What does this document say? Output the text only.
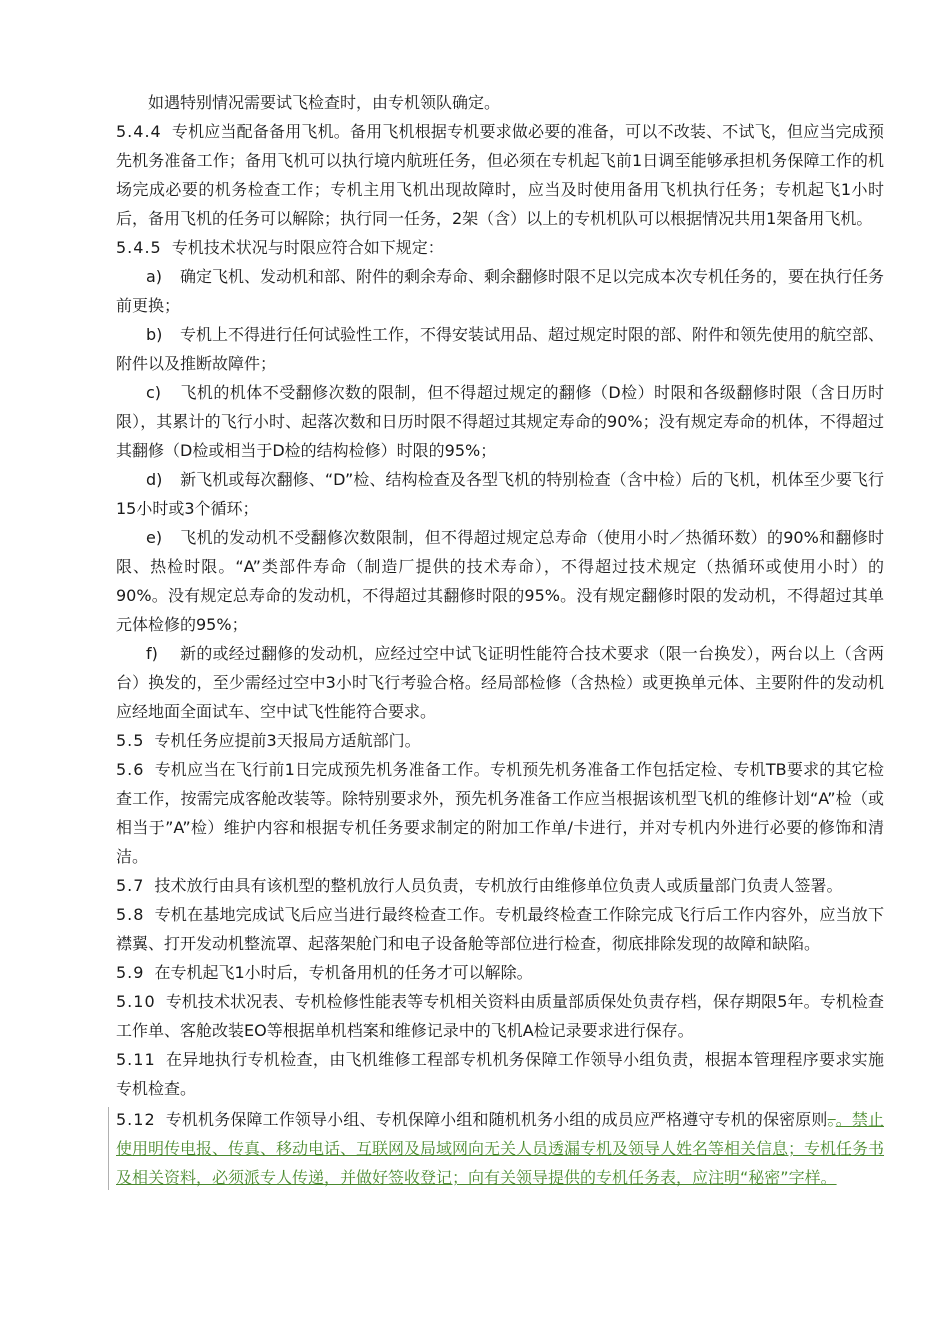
如遇特别情况需要试飞检查时，由专机领队确定。

5.4.4 专机应当配备备用飞机。备用飞机根据专机要求做必要的准备，可以不改装、不试飞，但应当完成预先机务准备工作；备用飞机可以执行境内航班任务，但必须在专机起飞前1日调至能够承担机务保障工作的机场完成必要的机务检查工作；专机主用飞机出现故障时，应当及时使用备用飞机执行任务；专机起飞1小时后，备用飞机的任务可以解除；执行同一任务，2架（含）以上的专机机队可以根据情况共用1架备用飞机。

5.4.5 专机技术状况与时限应符合如下规定：

a) 确定飞机、发动机和部、附件的剩余寿命、剩余翻修时限不足以完成本次专机任务的，要在执行任务前更换；

b) 专机上不得进行任何试验性工作，不得安装试用品、超过规定时限的部、附件和领先使用的航空部、附件以及推断故障件；

c) 飞机的机体不受翻修次数的限制，但不得超过规定的翻修（D检）时限和各级翻修时限（含日历时限），其累计的飞行小时、起落次数和日历时限不得超过其规定寿命的90%；没有规定寿命的机体，不得超过其翻修（D检或相当于D检的结构检修）时限的95%；

d) 新飞机或每次翻修、“D”检、结构检查及各型飞机的特别检查（含中检）后的飞机，机体至少要飞行15小时或3个循环；

e) 飞机的发动机不受翻修次数限制，但不得超过规定总寿命（使用小时／热循环数）的90%和翻修时限、热检时限。“A”类部件寿命（制造厂提供的技术寿命），不得超过技术规定（热循环或使用小时）的90%。没有规定总寿命的发动机，不得超过其翻修时限的95%。没有规定翻修时限的发动机，不得超过其单元体检修的95%；

f) 新的或经过翻修的发动机，应经过空中试飞证明性能符合技术要求（限一台换发），两台以上（含两台）换发的，至少需经过空中3小时飞行考验合格。经局部检修（含热检）或更换单元体、主要附件的发动机应经地面全面试车、空中试飞性能符合要求。

5.5 专机任务应提前3天报局方适航部门。

5.6 专机应当在飞行前1日完成预先机务准备工作。专机预先机务准备工作包括定检、专机TB要求的其它检查工作，按需完成客舱改装等。除特别要求外，预先机务准备工作应当根据该机型飞机的维修计划“A”检（或相当于”A”检）维护内容和根据专机任务要求制定的附加工作单/卡进行，并对专机内外进行必要的修饰和清洁。

5.7 技术放行由具有该机型的整机放行人员负责，专机放行由维修单位负责人或质量部门负责人签署。

5.8 专机在基地完成试飞后应当进行最终检查工作。专机最终检查工作除完成飞行后工作内容外，应当放下襟翼、打开发动机整流罩、起落架舱门和电子设备舱等部位进行检查，彻底排除发现的故障和缺陷。

5.9 在专机起飞1小时后，专机备用机的任务才可以解除。

5.10 专机技术状况表、专机检修性能表等专机相关资料由质量部质保处负责存档，保存期限5年。专机检查工作单、客舱改装EO等根据单机档案和维修记录中的飞机A检记录要求进行保存。

5.11 在异地执行专机检查，由飞机维修工程部专机机务保障工作领导小组负责，根据本管理程序要求实施专机检查。

5.12 专机机务保障工作领导小组、专机保障小组和随机机务小组的成员应严格遵守专机的保密原则。。禁止使用明传电报、传真、移动电话、互联网及局域网向无关人员透漏专机及领导人姓名等相关信息；专机任务书及相关资料，必须派专人传递，并做好签收登记；向有关领导提供的专机任务表，应注明“秘密”字样。
